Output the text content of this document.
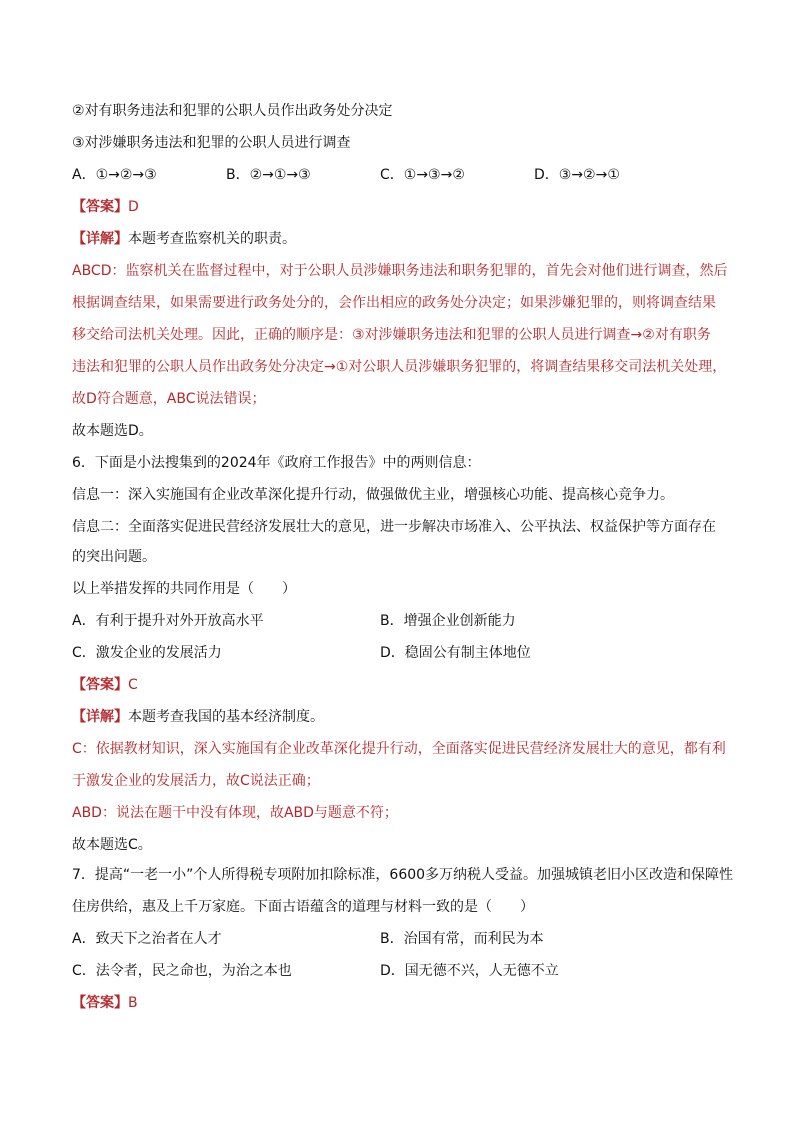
②对有职务违法和犯罪的公职人员作出政务处分决定
③对涉嫌职务违法和犯罪的公职人员进行调查
A．①→②→③	B．②→①→③	C．①→③→②	D．③→②→①
【答案】D
【详解】本题考查监察机关的职责。
ABCD：监察机关在监督过程中，对于公职人员涉嫌职务违法和职务犯罪的，首先会对他们进行调查，然后
根据调查结果，如果需要进行政务处分的，会作出相应的政务处分决定；如果涉嫌犯罪的，则将调查结果
移交给司法机关处理。因此，正确的顺序是：③对涉嫌职务违法和犯罪的公职人员进行调查→②对有职务
违法和犯罪的公职人员作出政务处分决定→①对公职人员涉嫌职务犯罪的，将调查结果移交司法机关处理，
故D符合题意，ABC说法错误；
故本题选D。
6．下面是小法搜集到的2024年《政府工作报告》中的两则信息：
信息一：深入实施国有企业改革深化提升行动，做强做优主业，增强核心功能、提高核心竞争力。
信息二：全面落实促进民营经济发展壮大的意见，进一步解决市场准入、公平执法、权益保护等方面存在
的突出问题。
以上举措发挥的共同作用是（　　）
A．有利于提升对外开放高水平	B．增强企业创新能力
C．激发企业的发展活力	D．稳固公有制主体地位
【答案】C
【详解】本题考查我国的基本经济制度。
C：依据教材知识，深入实施国有企业改革深化提升行动，全面落实促进民营经济发展壮大的意见，都有利
于激发企业的发展活力，故C说法正确；
ABD：说法在题干中没有体现，故ABD与题意不符；
故本题选C。
7．提高“一老一小”个人所得税专项附加扣除标准，6600多万纳税人受益。加强城镇老旧小区改造和保障性
住房供给，惠及上千万家庭。下面古语蕴含的道理与材料一致的是（　　）
A．致天下之治者在人才	B．治国有常，而利民为本
C．法令者，民之命也，为治之本也	D．国无德不兴，人无德不立
【答案】B
